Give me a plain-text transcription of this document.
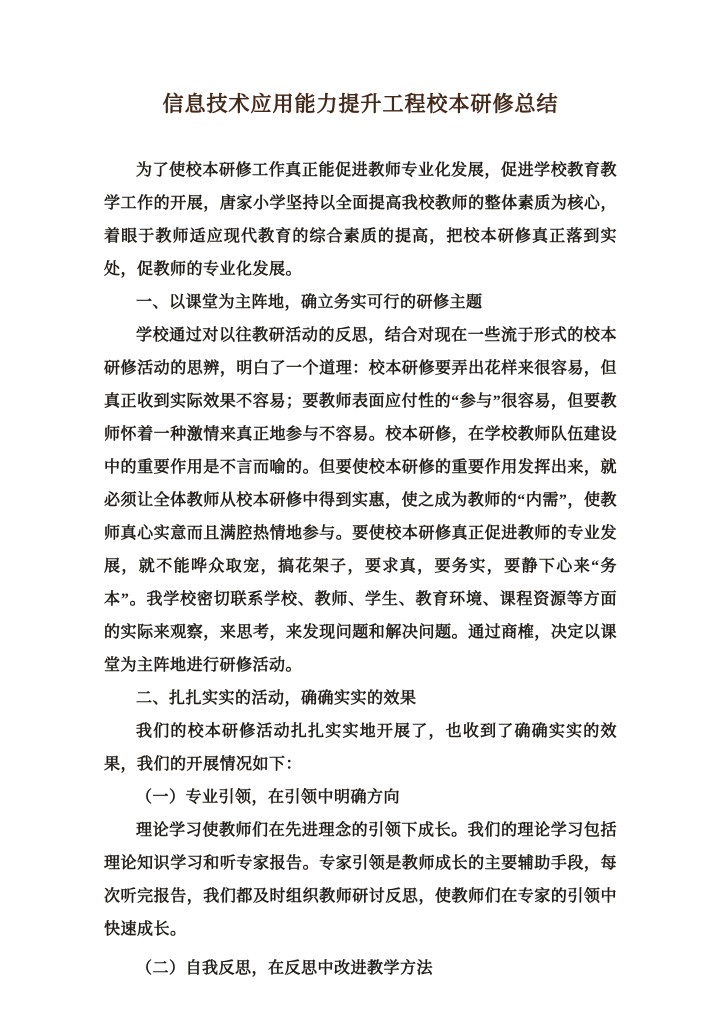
信息技术应用能力提升工程校本研修总结

为了使校本研修工作真正能促进教师专业化发展，促进学校教育教学工作的开展，唐家小学坚持以全面提高我校教师的整体素质为核心，着眼于教师适应现代教育的综合素质的提高，把校本研修真正落到实处，促教师的专业化发展。

一、以课堂为主阵地，确立务实可行的研修主题

学校通过对以往教研活动的反思，结合对现在一些流于形式的校本研修活动的思辨，明白了一个道理：校本研修要弄出花样来很容易，但真正收到实际效果不容易；要教师表面应付性的“参与”很容易，但要教师怀着一种激情来真正地参与不容易。校本研修，在学校教师队伍建设中的重要作用是不言而喻的。但要使校本研修的重要作用发挥出来，就必须让全体教师从校本研修中得到实惠，使之成为教师的“内需”，使教师真心实意而且满腔热情地参与。要使校本研修真正促进教师的专业发展，就不能哗众取宠，搞花架子，要求真，要务实，要静下心来“务本”。我学校密切联系学校、教师、学生、教育环境、课程资源等方面的实际来观察，来思考，来发现问题和解决问题。通过商榷，决定以课堂为主阵地进行研修活动。

二、扎扎实实的活动，确确实实的效果

我们的校本研修活动扎扎实实地开展了，也收到了确确实实的效果，我们的开展情况如下：

（一）专业引领，在引领中明确方向

理论学习使教师们在先进理念的引领下成长。我们的理论学习包括理论知识学习和听专家报告。专家引领是教师成长的主要辅助手段，每次听完报告，我们都及时组织教师研讨反思，使教师们在专家的引领中快速成长。

（二）自我反思，在反思中改进教学方法
